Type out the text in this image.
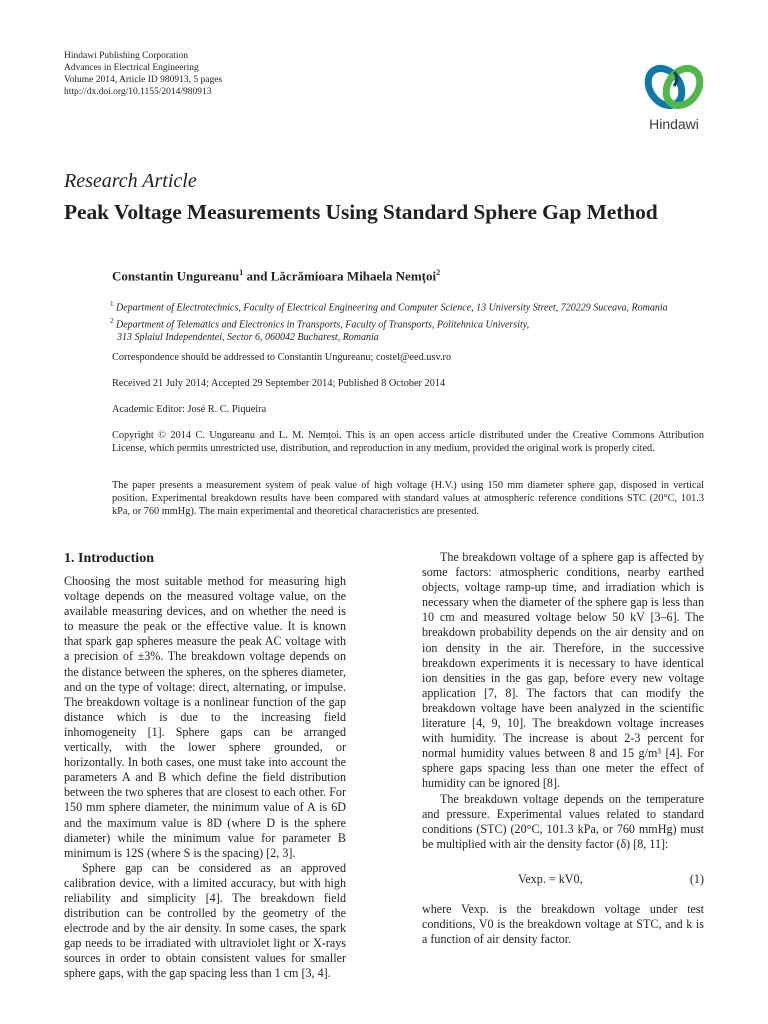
Hindawi Publishing Corporation
Advances in Electrical Engineering
Volume 2014, Article ID 980913, 5 pages
http://dx.doi.org/10.1155/2014/980913
Hindawi
Research Article
Peak Voltage Measurements Using Standard Sphere Gap Method
Constantin Ungureanu$^1$ and Lăcrămioara Mihaela Nemțoi$^2$
$^1$ Department of Electrotechnics, Faculty of Electrical Engineering and Computer Science, 13 University Street, 720229 Suceava, Romania
$^2$ Department of Telematics and Electronics in Transports, Faculty of Transports, Politehnica University,
313 Splaiul Independentei, Sector 6, 060042 Bucharest, Romania
Correspondence should be addressed to Constantin Ungureanu; costel@eed.usv.ro
Received 21 July 2014; Accepted 29 September 2014; Published 8 October 2014
Academic Editor: José R. C. Piqueira
Copyright © 2014 C. Ungureanu and L. M. Nemțoi. This is an open access article distributed under the Creative Commons Attribution License, which permits unrestricted use, distribution, and reproduction in any medium, provided the original work is properly cited.
The paper presents a measurement system of peak value of high voltage (H.V.) using 150 mm diameter sphere gap, disposed in vertical position. Experimental breakdown results have been compared with standard values at atmospheric reference conditions STC (20°C, 101.3 kPa, or 760 mmHg). The main experimental and theoretical characteristics are presented.
1. Introduction

Choosing the most suitable method for measuring high voltage depends on the measured voltage value, on the available measuring devices, and on whether the need is to measure the peak or the effective value. It is known that spark gap spheres measure the peak AC voltage with a precision of ±3%. The breakdown voltage depends on the distance between the spheres, on the spheres diameter, and on the type of voltage: direct, alternating, or impulse. The breakdown voltage is a nonlinear function of the gap distance which is due to the increasing field inhomogeneity [1]. Sphere gaps can be arranged vertically, with the lower sphere grounded, or horizontally. In both cases, one must take into account the parameters A and B which define the field distribution between the two spheres that are closest to each other. For 150 mm sphere diameter, the minimum value of A is 6D and the maximum value is 8D (where D is the sphere diameter) while the minimum value for parameter B minimum is 12S (where S is the spacing) [2, 3].

Sphere gap can be considered as an approved calibration device, with a limited accuracy, but with high reliability and simplicity [4]. The breakdown field distribution can be controlled by the geometry of the electrode and by the air density. In some cases, the spark gap needs to be irradiated with ultraviolet light or X-rays sources in order to obtain consistent values for smaller sphere gaps, with the gap spacing less than 1 cm [3, 4].

The breakdown voltage of a sphere gap is affected by some factors: atmospheric conditions, nearby earthed objects, voltage ramp-up time, and irradiation which is necessary when the diameter of the sphere gap is less than 10 cm and measured voltage below 50 kV [3–6]. The breakdown probability depends on the air density and on ion density in the air. Therefore, in the successive breakdown experiments it is necessary to have identical ion densities in the gas gap, before every new voltage application [7, 8]. The factors that can modify the breakdown voltage have been analyzed in the scientific literature [4, 9, 10]. The breakdown voltage increases with humidity. The increase is about 2-3 percent for normal humidity values between 8 and 15 g/m³ [4]. For sphere gaps spacing less than one meter the effect of humidity can be ignored [8].

The breakdown voltage depends on the temperature and pressure. Experimental values related to standard conditions (STC) (20°C, 101.3 kPa, or 760 mmHg) must be multiplied with air the density factor (δ) [8, 11]:

Vexp. = kV0,	(1)

where Vexp. is the breakdown voltage under test conditions, V0 is the breakdown voltage at STC, and k is a function of air density factor.
